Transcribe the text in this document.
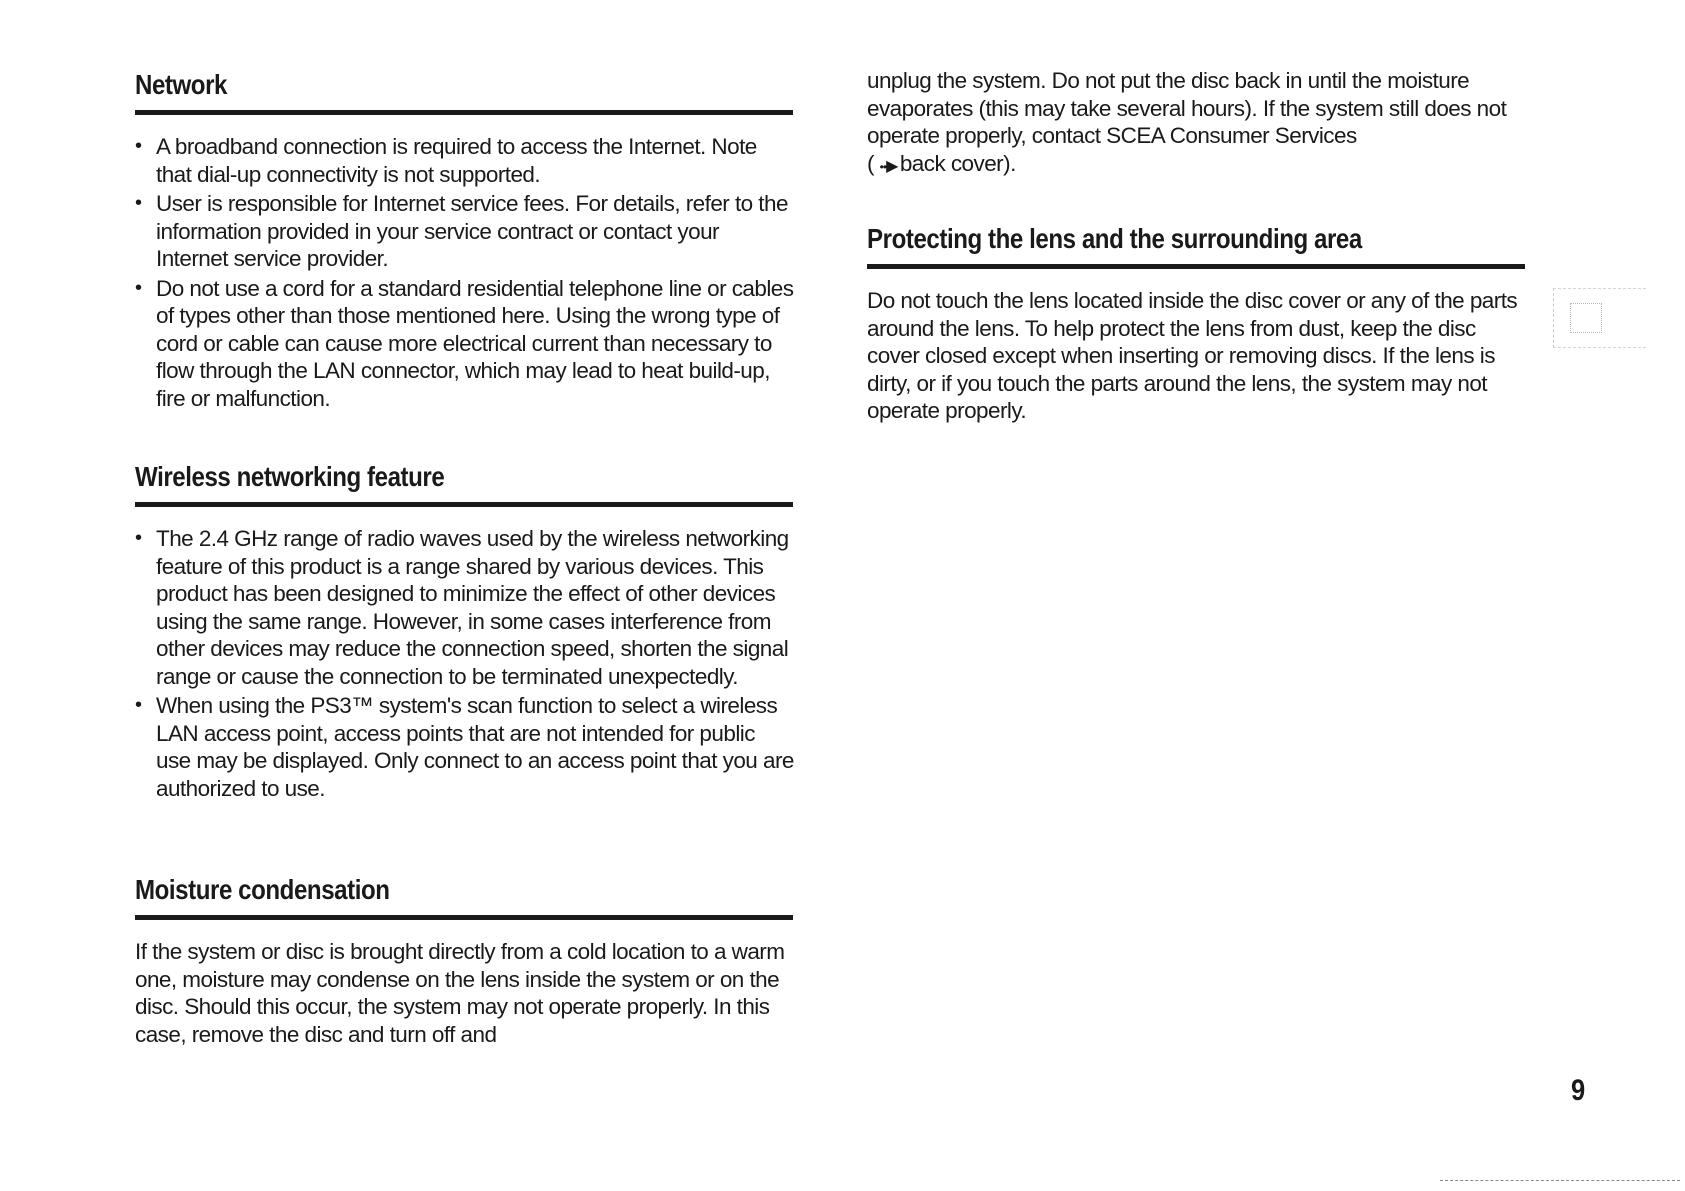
Network
• A broadband connection is required to access the Internet. Note that dial-up connectivity is not supported.
• User is responsible for Internet service fees. For details, refer to the information provided in your service contract or contact your Internet service provider.
• Do not use a cord for a standard residential telephone line or cables of types other than those mentioned here. Using the wrong type of cord or cable can cause more electrical current than necessary to flow through the LAN connector, which may lead to heat build-up, fire or malfunction.
Wireless networking feature
• The 2.4 GHz range of radio waves used by the wireless networking feature of this product is a range shared by various devices. This product has been designed to minimize the effect of other devices using the same range. However, in some cases interference from other devices may reduce the connection speed, shorten the signal range or cause the connection to be terminated unexpectedly.
• When using the PS3™ system's scan function to select a wireless LAN access point, access points that are not intended for public use may be displayed. Only connect to an access point that you are authorized to use.
Moisture condensation

If the system or disc is brought directly from a cold location to a warm one, moisture may condense on the lens inside the system or on the disc. Should this occur, the system may not operate properly. In this case, remove the disc and turn off and

unplug the system. Do not put the disc back in until the moisture evaporates (this may take several hours). If the system still does not operate properly, contact SCEA Consumer Services
( ••▶back cover).

Protecting the lens and the surrounding area

Do not touch the lens located inside the disc cover or any of the parts around the lens. To help protect the lens from dust, keep the disc cover closed except when inserting or removing discs. If the lens is dirty, or if you touch the parts around the lens, the system may not operate properly.

9
